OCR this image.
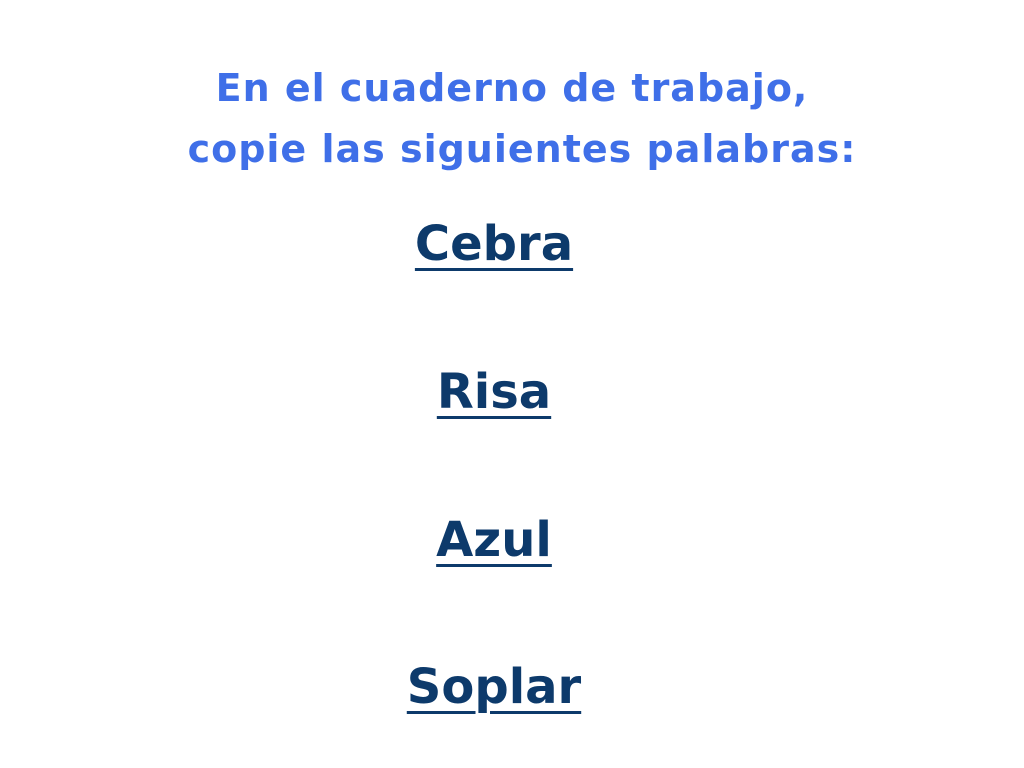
En el cuaderno de trabajo,
copie las siguientes palabras:
Cebra
Risa
Azul
Soplar
